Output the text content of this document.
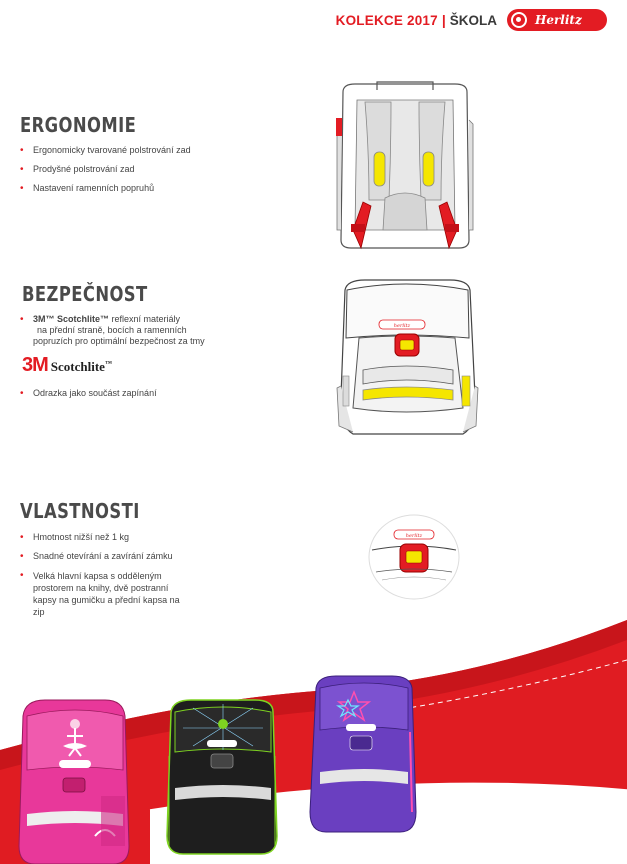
KOLEKCE 2017 | ŠKOLA	Herlitz
ERGONOMIE
• Ergonomicky tvarované polstrování zad
• Prodyšné polstrování zad
• Nastavení ramenních popruhů
BEZPEČNOST
• 3M™ Scotchlite™ reflexní materiály
na přední straně, bocích a ramenních
popruzích pro optimální bezpečnost za tmy
3M Scotchlite™
• Odrazka jako součást zapínání
herlitz
VLASTNOSTI
• Hmotnost nižší než 1 kg
• Snadné otevírání a zavírání zámku
• Velká hlavní kapsa s odděleným prostorem na knihy, dvě postranní kapsy na gumičku a přední kapsa na zip
herlitz
